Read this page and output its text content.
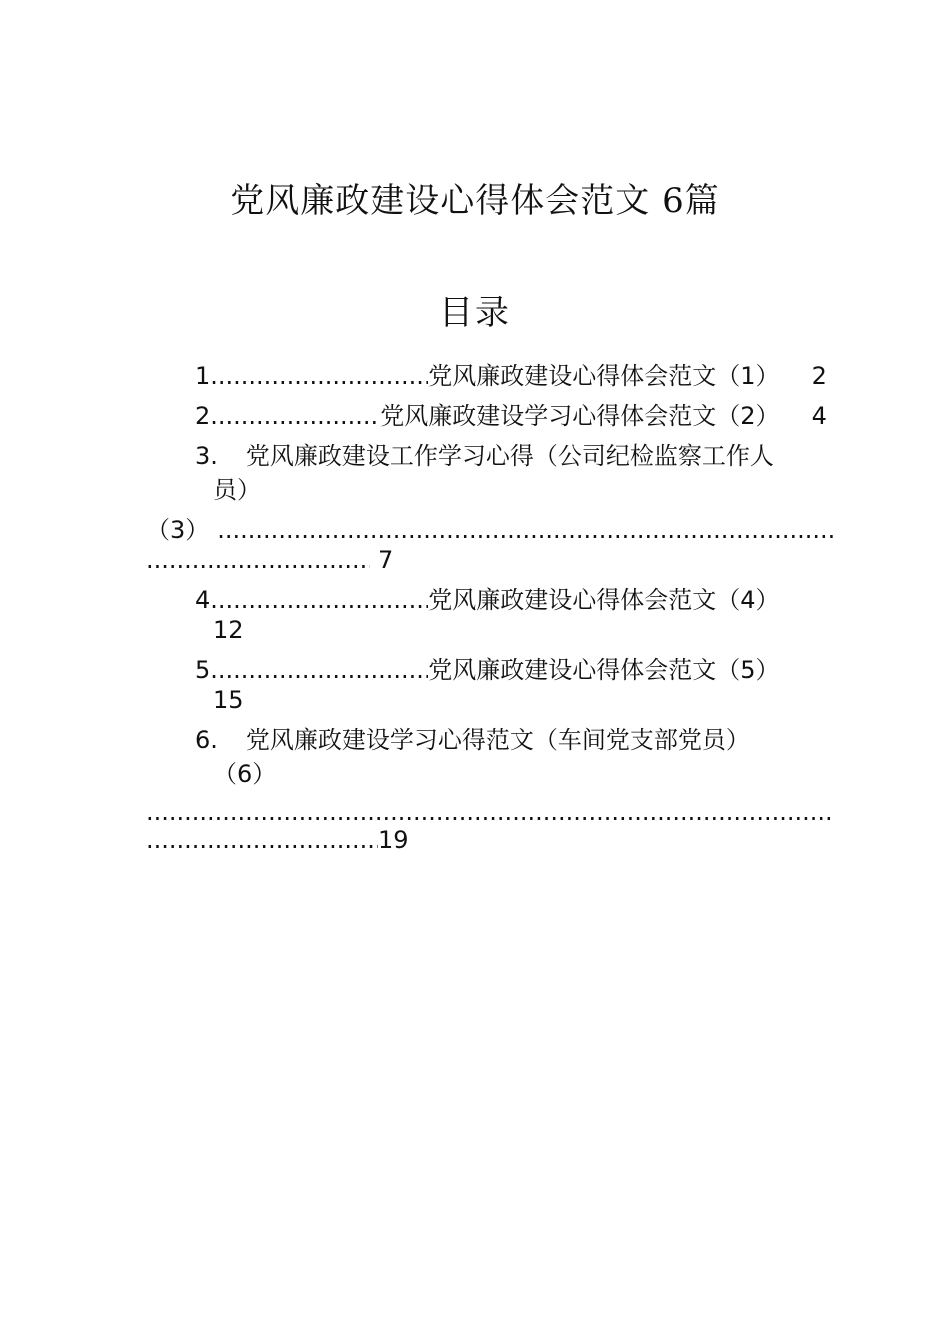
党风廉政建设心得体会范文 6篇
目录
1 .....	党风廉政建设心得体会范文（1） 2
2 .....	党风廉政建设学习心得体会范文（2） 4
3. 党风廉政建设工作学习心得（公司纪检监察工作人
员）
（3）.....
.....7
4 .....	党风廉政建设心得体会范文（4）
12
5 .....	党风廉政建设心得体会范文（5）
15
6. 党风廉政建设学习心得范文（车间党支部党员）
（6）
.....
.....19
